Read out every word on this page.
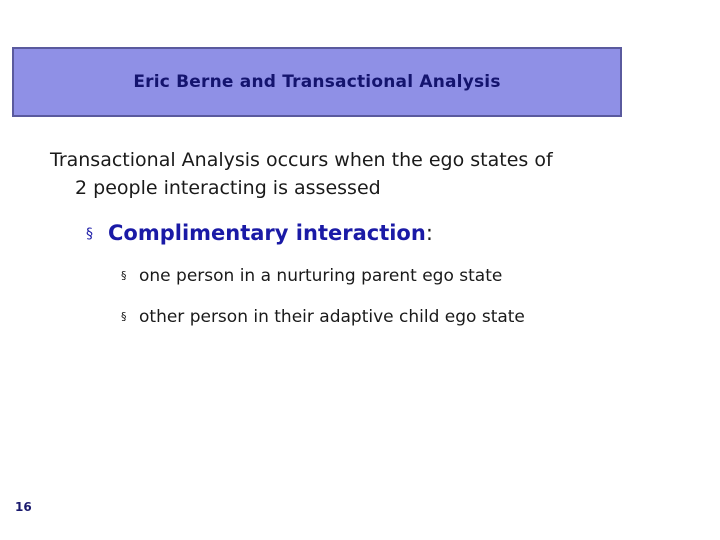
Eric Berne and Transactional Analysis
Transactional Analysis occurs when the ego states of
2 people interacting is assessed
§ Complimentary interaction:
§ one person in a nurturing parent ego state
§ other person in their adaptive child ego state
16
